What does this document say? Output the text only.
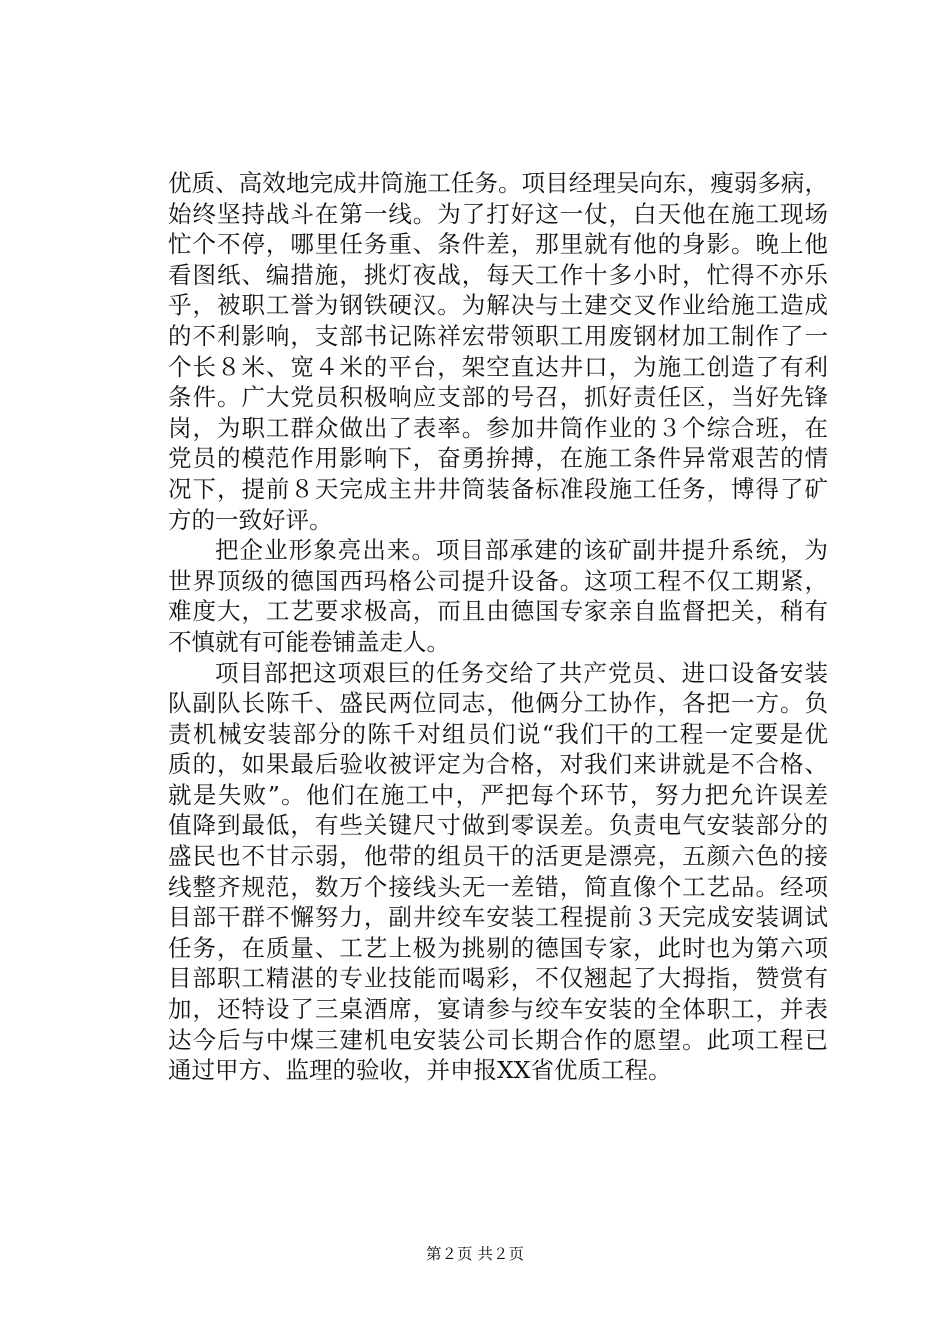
优质、高效地完成井筒施工任务。项目经理吴向东，瘦弱多病，
始终坚持战斗在第一线。为了打好这一仗，白天他在施工现场
忙个不停，哪里任务重、条件差，那里就有他的身影。晚上他
看图纸、编措施，挑灯夜战，每天工作十多小时，忙得不亦乐
乎，被职工誉为钢铁硬汉。为解决与土建交叉作业给施工造成
的不利影响，支部书记陈祥宏带领职工用废钢材加工制作了一
个长８米、宽４米的平台，架空直达井口，为施工创造了有利
条件。广大党员积极响应支部的号召，抓好责任区，当好先锋
岗，为职工群众做出了表率。参加井筒作业的３个综合班，在
党员的模范作用影响下，奋勇拚搏，在施工条件异常艰苦的情
况下，提前８天完成主井井筒装备标准段施工任务，博得了矿
方的一致好评。
把企业形象亮出来。项目部承建的该矿副井提升系统，为
世界顶级的德国西玛格公司提升设备。这项工程不仅工期紧，
难度大，工艺要求极高，而且由德国专家亲自监督把关，稍有
不慎就有可能卷铺盖走人。
项目部把这项艰巨的任务交给了共产党员、进口设备安装
队副队长陈千、盛民两位同志，他俩分工协作，各把一方。负
责机械安装部分的陈千对组员们说“我们干的工程一定要是优
质的，如果最后验收被评定为合格，对我们来讲就是不合格、
就是失败”。他们在施工中，严把每个环节，努力把允许误差
值降到最低，有些关键尺寸做到零误差。负责电气安装部分的
盛民也不甘示弱，他带的组员干的活更是漂亮，五颜六色的接
线整齐规范，数万个接线头无一差错，简直像个工艺品。经项
目部干群不懈努力，副井绞车安装工程提前３天完成安装调试
任务，在质量、工艺上极为挑剔的德国专家，此时也为第六项
目部职工精湛的专业技能而喝彩，不仅翘起了大拇指，赞赏有
加，还特设了三桌酒席，宴请参与绞车安装的全体职工，并表
达今后与中煤三建机电安装公司长期合作的愿望。此项工程已
通过甲方、监理的验收，并申报XX省优质工程。
第２页 共２页
